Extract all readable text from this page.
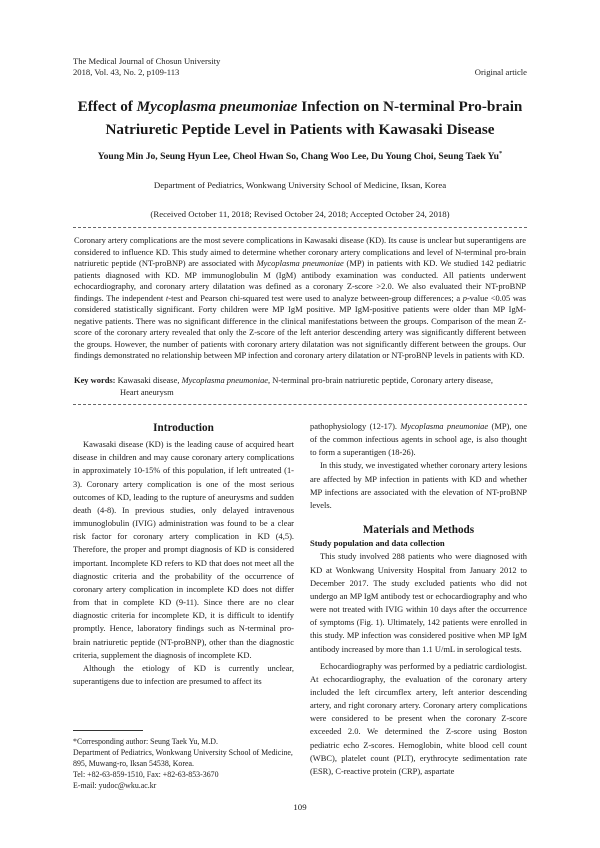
The Medical Journal of Chosun University
2018, Vol. 43, No. 2, p109-113	Original article
Effect of Mycoplasma pneumoniae Infection on N-terminal Pro-brain
Natriuretic Peptide Level in Patients with Kawasaki Disease
Young Min Jo, Seung Hyun Lee, Cheol Hwan So, Chang Woo Lee, Du Young Choi, Seung Taek Yu*
Department of Pediatrics, Wonkwang University School of Medicine, Iksan, Korea
(Received October 11, 2018; Revised October 24, 2018; Accepted October 24, 2018)
Coronary artery complications are the most severe complications in Kawasaki disease (KD). Its cause is unclear but superantigens are considered to influence KD. This study aimed to determine whether coronary artery complications and level of N-terminal pro-brain natriuretic peptide (NT-proBNP) are associated with Mycoplasma pneumoniae (MP) in patients with KD. We studied 142 pediatric patients diagnosed with KD. MP immunoglobulin M (IgM) antibody examination was conducted. All patients underwent echocardiography, and coronary artery dilatation was defined as a coronary Z-score >2.0. We also evaluated their NT-proBNP findings. The independent t-test and Pearson chi-squared test were used to analyze between-group differences; a p-value <0.05 was considered statistically significant. Forty children were MP IgM positive. MP IgM-positive patients were older than MP IgM-negative patients. There was no significant difference in the clinical manifestations between the groups. Comparison of the mean Z-score of the coronary artery revealed that only the Z-score of the left anterior descending artery was significantly different between the groups. However, the number of patients with coronary artery dilatation was not significantly different between the groups. Our findings demonstrated no relationship between MP infection and coronary artery dilatation or NT-proBNP levels in patients with KD.
Key words: Kawasaki disease, Mycoplasma pneumoniae, N-terminal pro-brain natriuretic peptide, Coronary artery disease,
Heart aneurysm
Introduction

Kawasaki disease (KD) is the leading cause of acquired heart disease in children and may cause coronary artery complications in approximately 10-15% of this population, if left untreated (1-3). Coronary artery complication is one of the most serious outcomes of KD, leading to the rupture of aneurysms and sudden death (4-8). In previous studies, only delayed intravenous immunoglobulin (IVIG) administration was found to be a clear risk factor for coronary artery complication in KD (4,5). Therefore, the proper and prompt diagnosis of KD is considered important. Incomplete KD refers to KD that does not meet all the diagnostic criteria and the probability of the occurrence of coronary artery complication in incomplete KD does not differ from that in complete KD (9-11). Since there are no clear diagnostic criteria for incomplete KD, it is difficult to identify promptly. Hence, laboratory findings such as N-terminal pro-brain natriuretic peptide (NT-proBNP), other than the diagnostic criteria, supplement the diagnosis of incomplete KD.

Although the etiology of KD is currently unclear, superantigens due to infection are presumed to affect its

*Corresponding author: Seung Taek Yu, M.D.
Department of Pediatrics, Wonkwang University School of Medicine, 895, Muwang-ro, Iksan 54538, Korea.
Tel: +82-63-859-1510, Fax: +82-63-853-3670
E-mail: yudoc@wku.ac.kr
pathophysiology (12-17). Mycoplasma pneumoniae (MP), one of the common infectious agents in school age, is also thought to form a superantigen (18-26).

In this study, we investigated whether coronary artery lesions are affected by MP infection in patients with KD and whether MP infections are associated with the elevation of NT-proBNP levels.

Materials and Methods
Study population and data collection

This study involved 288 patients who were diagnosed with KD at Wonkwang University Hospital from January 2012 to December 2017. The study excluded patients who did not undergo an MP IgM antibody test or echocardiography and who were not treated with IVIG within 10 days after the occurrence of symptoms (Fig. 1). Ultimately, 142 patients were enrolled in this study. MP infection was considered positive when MP IgM antibody increased by more than 1.1 U/mL in serological tests.

Echocardiography was performed by a pediatric cardiologist. At echocardiography, the evaluation of the coronary artery included the left circumflex artery, left anterior descending artery, and right coronary artery. Coronary artery complications were considered to be present when the coronary Z-score exceeded 2.0. We determined the Z-score using Boston pediatric echo Z-scores. Hemoglobin, white blood cell count (WBC), platelet count (PLT), erythrocyte sedimentation rate (ESR), C-reactive protein (CRP), aspartate

109
